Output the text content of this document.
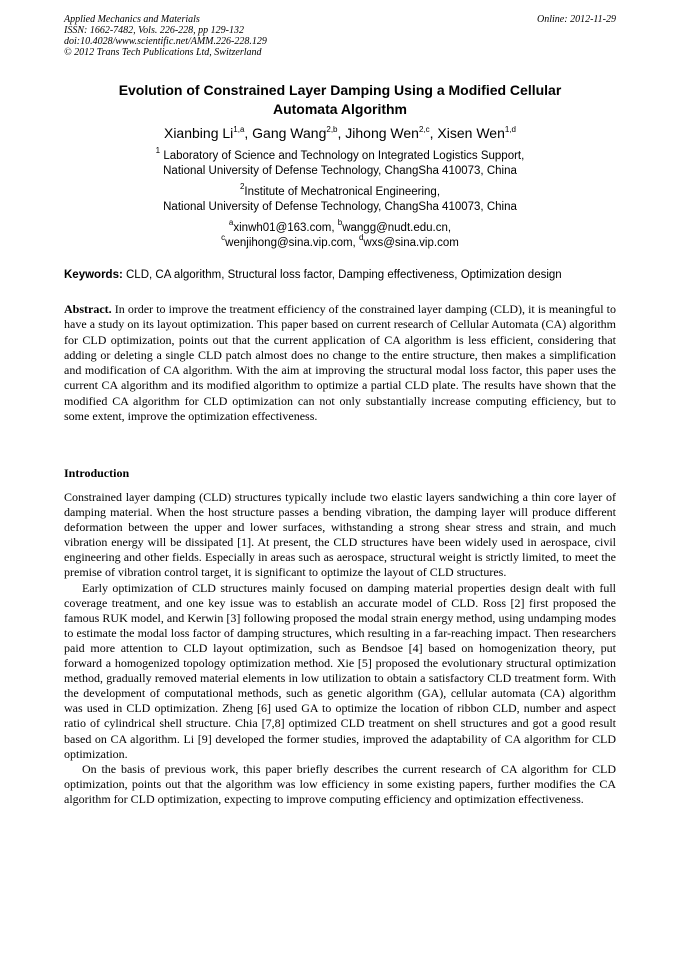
Applied Mechanics and Materials
ISSN: 1662-7482, Vols. 226-228, pp 129-132
doi:10.4028/www.scientific.net/AMM.226-228.129
© 2012 Trans Tech Publications Ltd, Switzerland
Online: 2012-11-29
Evolution of Constrained Layer Damping Using a Modified Cellular
Automata Algorithm
Xianbing Li$^{1,a}$, Gang Wang$^{2,b}$, Jihong Wen$^{2,c}$, Xisen Wen$^{1,d}$
$^1$ Laboratory of Science and Technology on Integrated Logistics Support,
National University of Defense Technology, ChangSha 410073, China
$^2$Institute of Mechatronical Engineering,
National University of Defense Technology, ChangSha 410073, China
$^a$xinwh01@163.com, $^b$wangg@nudt.edu.cn,
$^c$wenjihong@sina.vip.com, $^d$wxs@sina.vip.com
Keywords: CLD, CA algorithm, Structural loss factor, Damping effectiveness, Optimization design
Abstract. In order to improve the treatment efficiency of the constrained layer damping (CLD), it is meaningful to have a study on its layout optimization. This paper based on current research of Cellular Automata (CA) algorithm for CLD optimization, points out that the current application of CA algorithm is less efficient, considering that adding or deleting a single CLD patch almost does no change to the entire structure, then makes a simplification and modification of CA algorithm. With the aim at improving the structural modal loss factor, this paper uses the current CA algorithm and its modified algorithm to optimize a partial CLD plate. The results have shown that the modified CA algorithm for CLD optimization can not only substantially increase computing efficiency, but to some extent, improve the optimization effectiveness.
Introduction

Constrained layer damping (CLD) structures typically include two elastic layers sandwiching a thin core layer of damping material. When the host structure passes a bending vibration, the damping layer will produce different deformation between the upper and lower surfaces, withstanding a strong shear stress and strain, and much vibration energy will be dissipated [1]. At present, the CLD structures have been widely used in aerospace, civil engineering and other fields. Especially in areas such as aerospace, structural weight is strictly limited, to meet the premise of vibration control target, it is significant to optimize the layout of CLD structures.

Early optimization of CLD structures mainly focused on damping material properties design dealt with full coverage treatment, and one key issue was to establish an accurate model of CLD. Ross [2] first proposed the famous RUK model, and Kerwin [3] following proposed the modal strain energy method, using undamping modes to estimate the modal loss factor of damping structures, which resulting in a far-reaching impact. Then researchers paid more attention to CLD layout optimization, such as Bendsoe [4] based on homogenization theory, put forward a homogenized topology optimization method. Xie [5] proposed the evolutionary structural optimization method, gradually removed material elements in low utilization to obtain a satisfactory CLD treatment form. With the development of computational methods, such as genetic algorithm (GA), cellular automata (CA) algorithm was used in CLD optimization. Zheng [6] used GA to optimize the location of ribbon CLD, number and aspect ratio of cylindrical shell structure. Chia [7,8] optimized CLD treatment on shell structures and got a good result based on CA algorithm. Li [9] developed the former studies, improved the adaptability of CA algorithm for CLD optimization.

On the basis of previous work, this paper briefly describes the current research of CA algorithm for CLD optimization, points out that the algorithm was low efficiency in some existing papers, further modifies the CA algorithm for CLD optimization, expecting to improve computing efficiency and optimization effectiveness.
